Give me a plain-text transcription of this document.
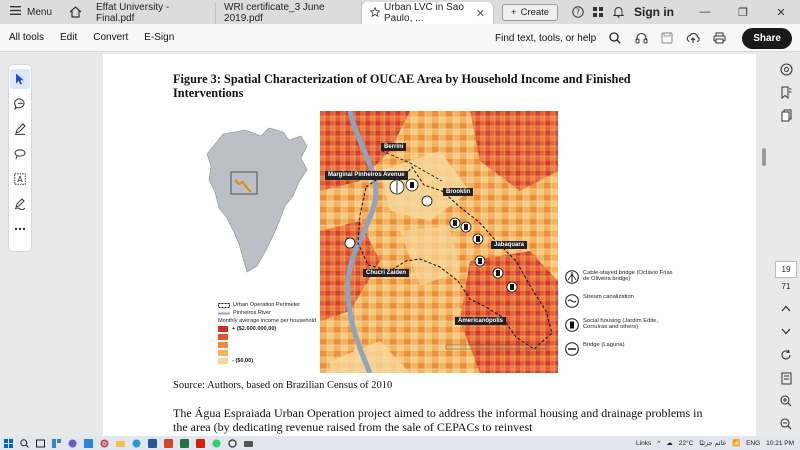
Menu	Effat University - Final.pdf
WRI certificate_3 June 2019.pdf
Urban LVC in Sao Paulo, ...	✕	+ Create	?	Sign in	—	❐	✕
All tools	Edit	Convert	E-Sign	Find text, tools, or help	Share
A
Figure 3: Spatial Characterization of OUCAE Area by Household Income and Finished Interventions
Berrini
Marginal Pinheiros Avenue
Brooklin
Jabaquara
Chucri Zaiden
Americanópolis
Urban Operation Perimeter
Pinheiros River
Monthly average income per household
+ ($2.600.000,00)
- ($0,00)
Cable-stayed bridge (Octávio Frias de Oliveira bridge)
Stream canalization
Social housing (Jardim Edite, Corruíras and others)
Bridge (Laguna)
Source: Authors, based on Brazilian Census of 2010
The Água Espraiada Urban Operation project aimed to address the informal housing and drainage problems in the area (by dedicating revenue raised from the sale of CEPACs to reinvest
19
71
Links ^ ☁ 22°C غائم جزئيًا 📶 ENG 10:21 PM
